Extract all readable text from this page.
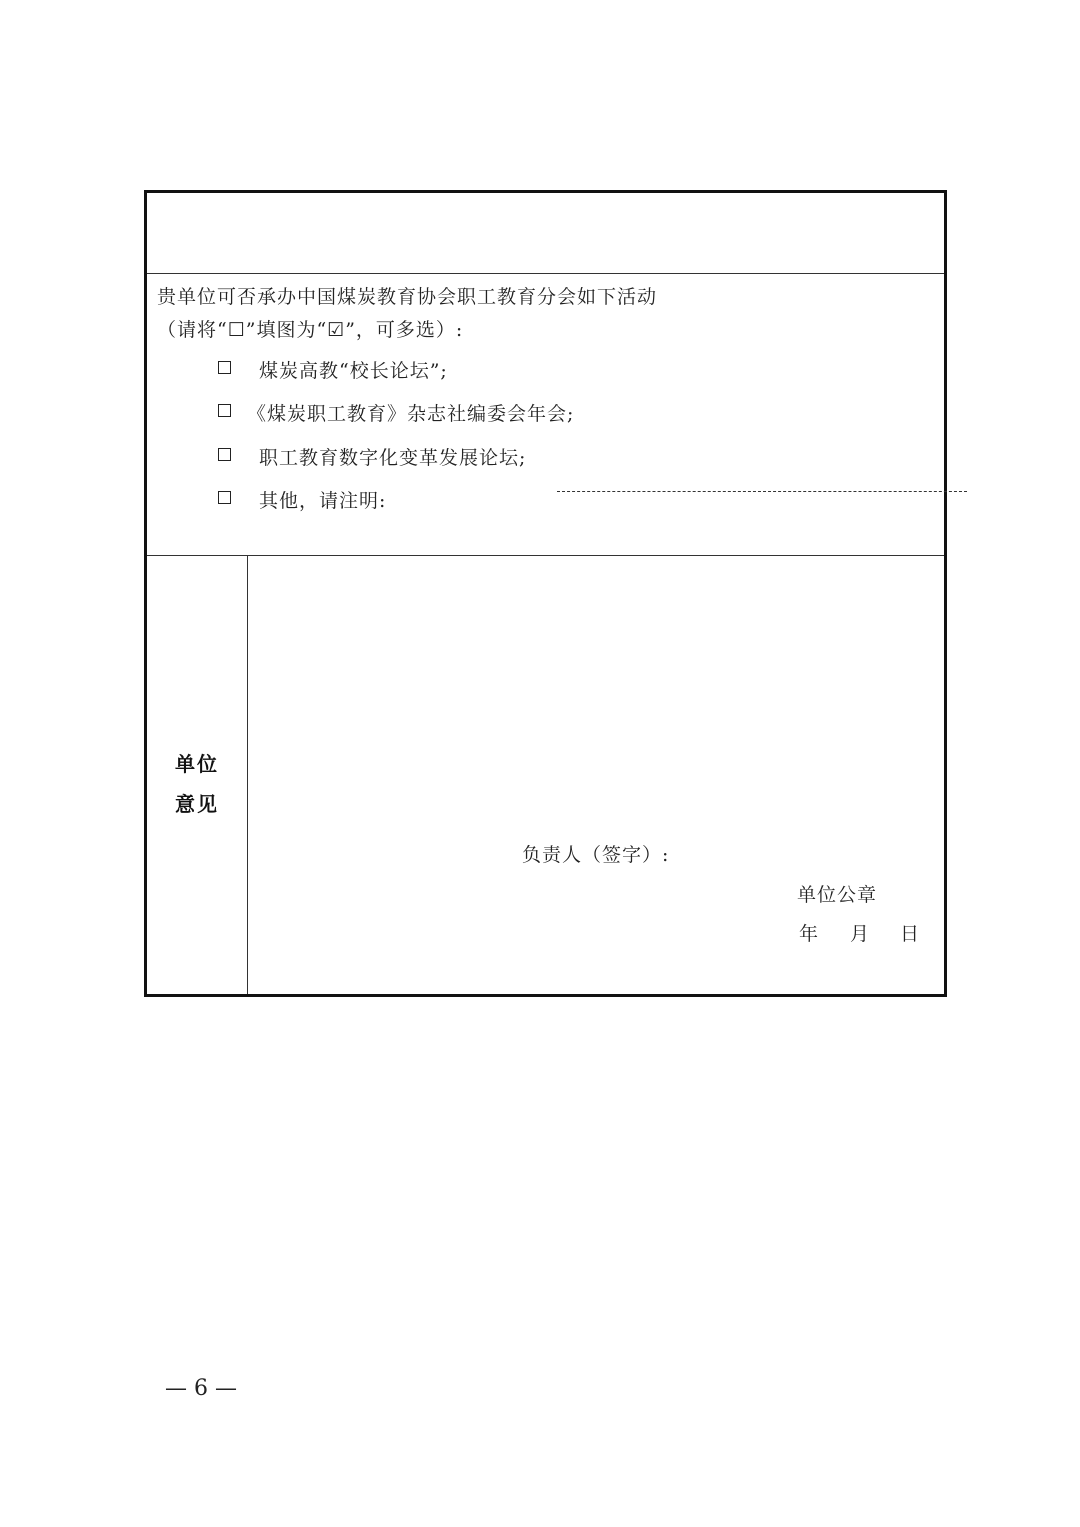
贵单位可否承办中国煤炭教育协会职工教育分会如下活动
（请将“☐”填图为“☑”，可多选）:
煤炭高教“校长论坛”;
《煤炭职工教育》杂志社编委会年会;
职工教育数字化变革发展论坛;
其他，请注明:
单位
意见
负责人（签字）:
单位公章
年 月 日
— 6 —
